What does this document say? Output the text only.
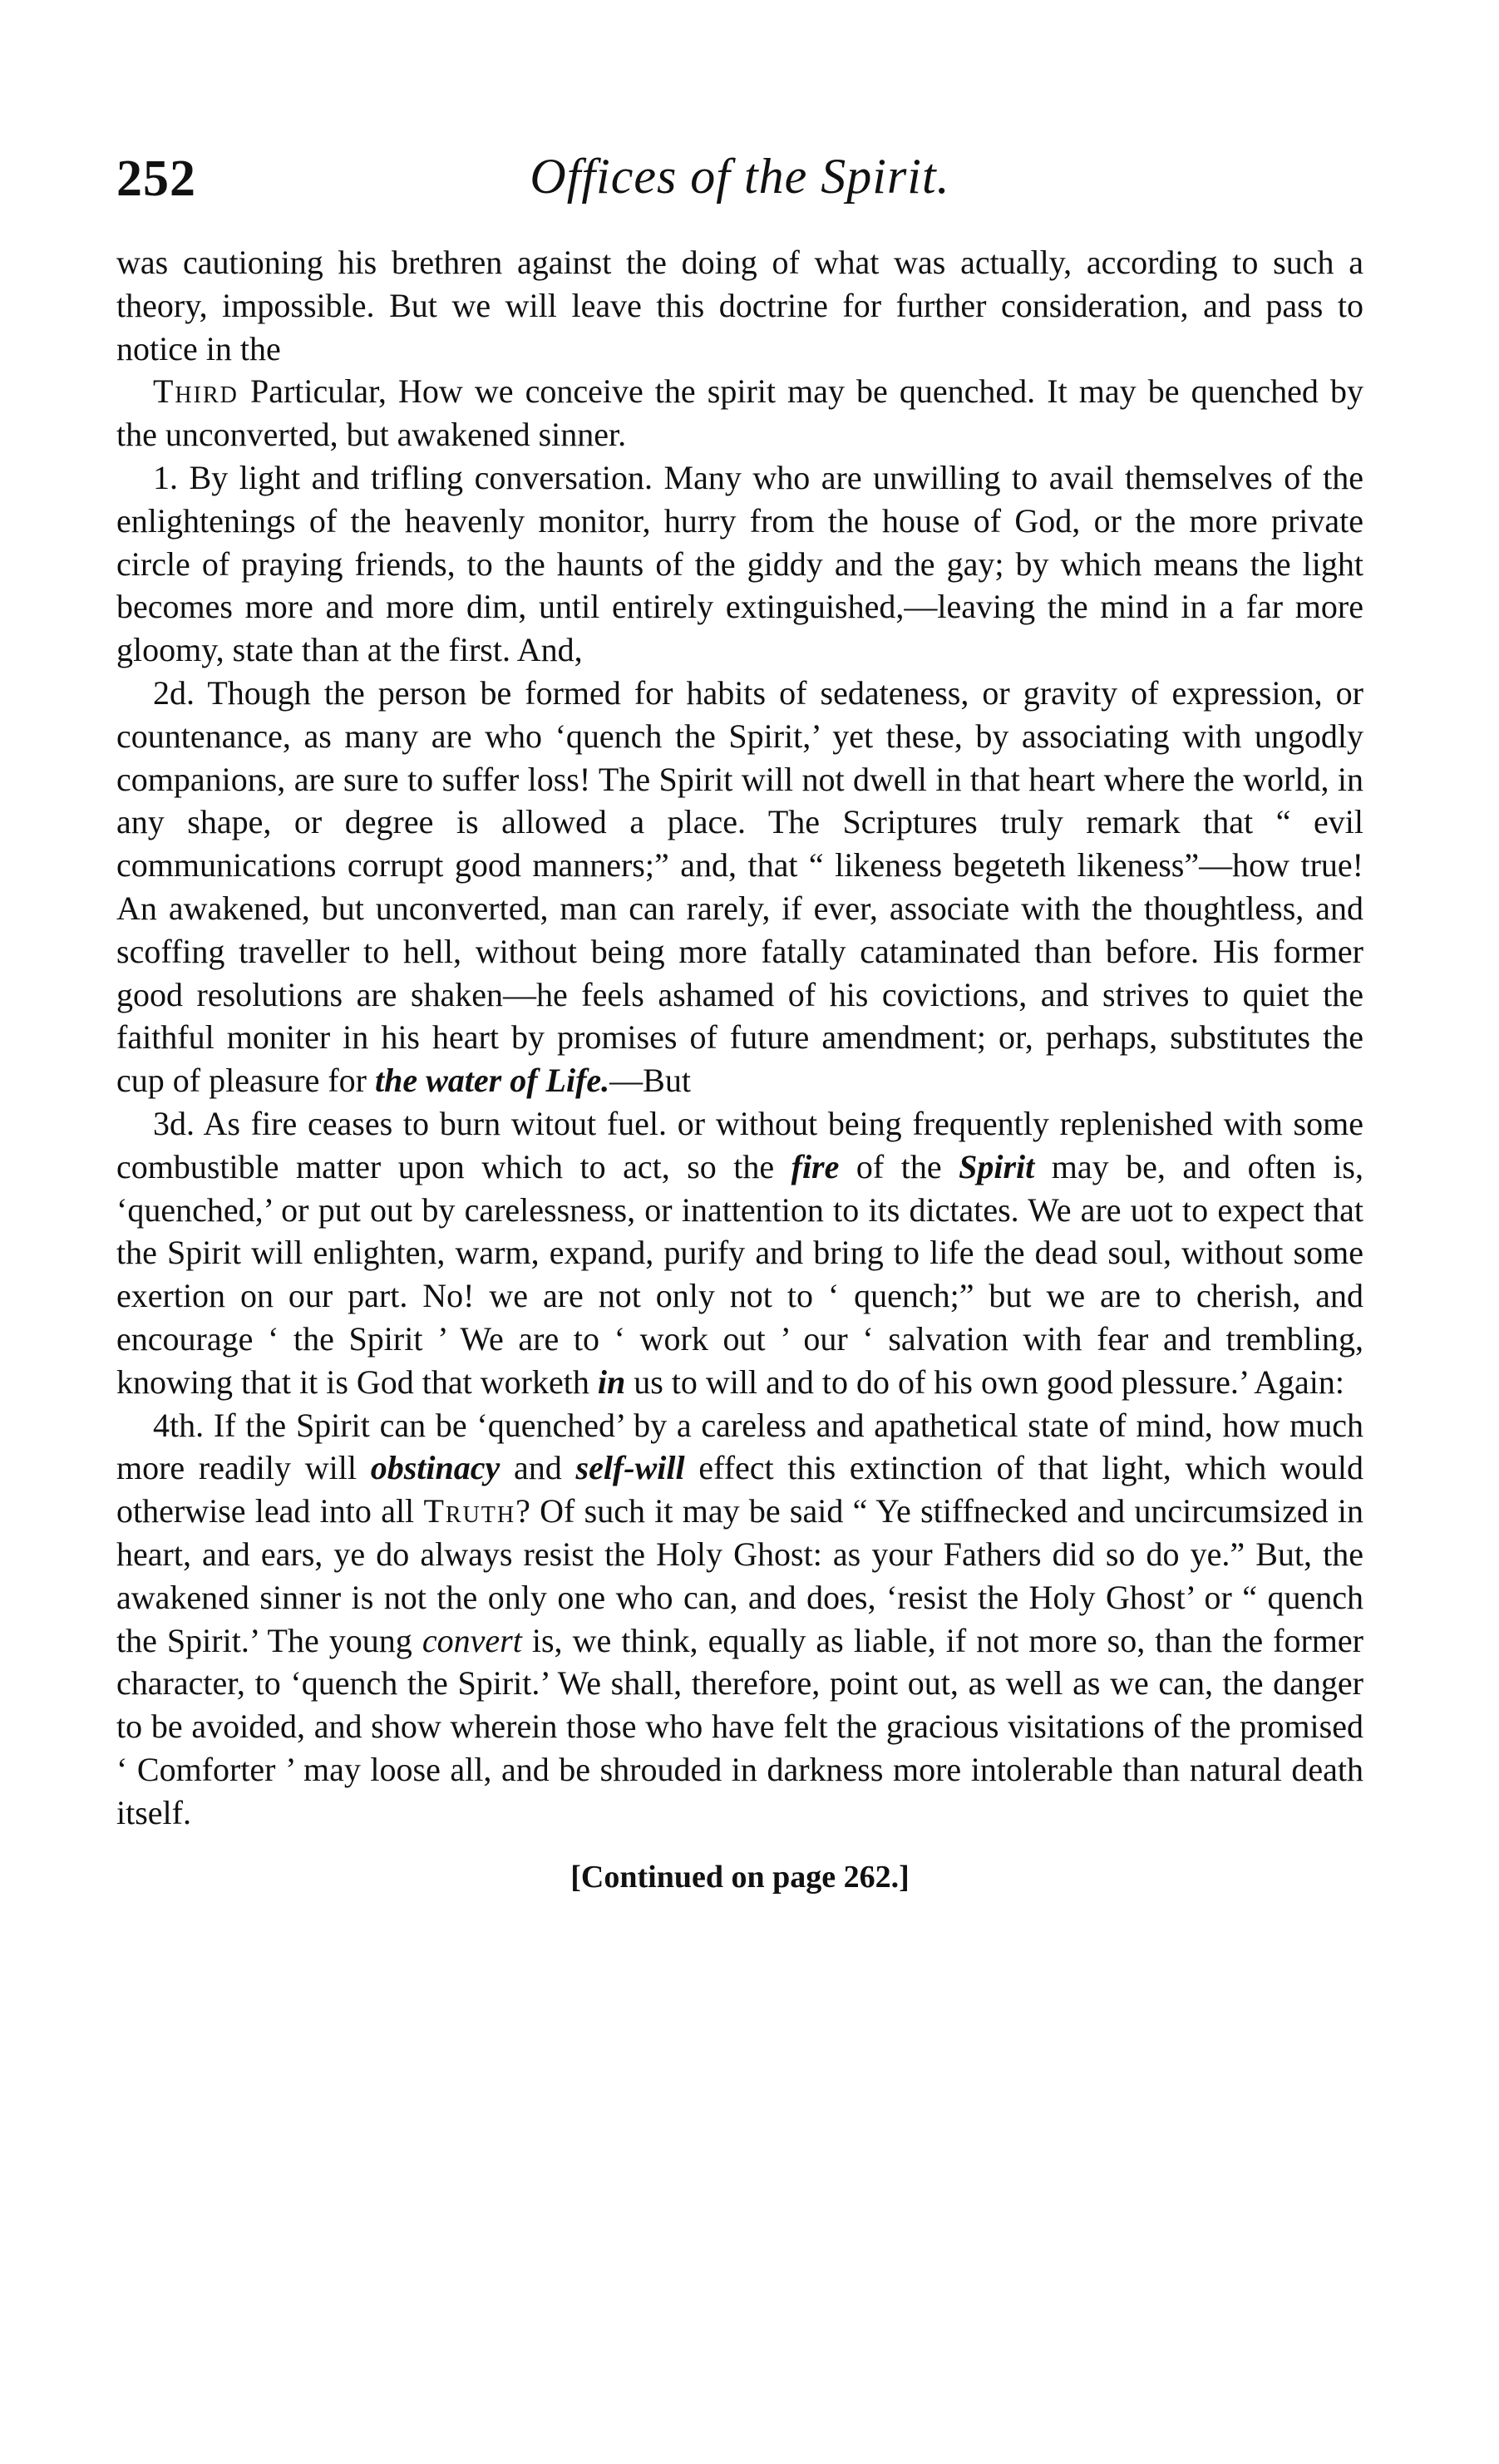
252	Offices of the Spirit.

was cautioning his brethren against the doing of what was actually, according to such a theory, impossible. But we will leave this doctrine for further consideration, and pass to notice in the

Third Particular, How we conceive the spirit may be quenched. It may be quenched by the unconverted, but awakened sinner.

1. By light and trifling conversation. Many who are unwilling to avail themselves of the enlightenings of the heavenly monitor, hurry from the house of God, or the more private circle of praying friends, to the haunts of the giddy and the gay; by which means the light becomes more and more dim, until entirely extinguished,—leaving the mind in a far more gloomy, state than at the first. And,

2d. Though the person be formed for habits of sedateness, or gravity of expression, or countenance, as many are who ‘quench the Spirit,’ yet these, by associating with ungodly companions, are sure to suffer loss! The Spirit will not dwell in that heart where the world, in any shape, or degree is allowed a place. The Scriptures truly remark that “ evil communications corrupt good manners;” and, that “ likeness begeteth likeness”—how true! An awakened, but unconverted, man can rarely, if ever, associate with the thoughtless, and scoffing traveller to hell, without being more fatally cataminated than before. His former good resolutions are shaken—he feels ashamed of his covictions, and strives to quiet the faithful moniter in his heart by promises of future amendment; or, perhaps, substitutes the cup of pleasure for the water of Life.—But

3d. As fire ceases to burn witout fuel. or without being frequently replenished with some combustible matter upon which to act, so the fire of the Spirit may be, and often is, ‘quenched,’ or put out by carelessness, or inattention to its dictates. We are uot to expect that the Spirit will enlighten, warm, expand, purify and bring to life the dead soul, without some exertion on our part. No! we are not only not to ‘ quench;” but we are to cherish, and encourage ‘ the Spirit ’ We are to ‘ work out ’ our ‘ salvation with fear and trembling, knowing that it is God that worketh in us to will and to do of his own good plessure.’ Again:

4th. If the Spirit can be ‘quenched’ by a careless and apathetical state of mind, how much more readily will obstinacy and self-will effect this extinction of that light, which would otherwise lead into all Truth? Of such it may be said “ Ye stiffnecked and uncircumsized in heart, and ears, ye do always resist the Holy Ghost: as your Fathers did so do ye.” But, the awakened sinner is not the only one who can, and does, ‘resist the Holy Ghost’ or “ quench the Spirit.’ The young convert is, we think, equally as liable, if not more so, than the former character, to ‘quench the Spirit.’ We shall, therefore, point out, as well as we can, the danger to be avoided, and show wherein those who have felt the gracious visitations of the promised ‘ Comforter ’ may loose all, and be shrouded in darkness more intolerable than natural death itself.

[Continued on page 262.]
